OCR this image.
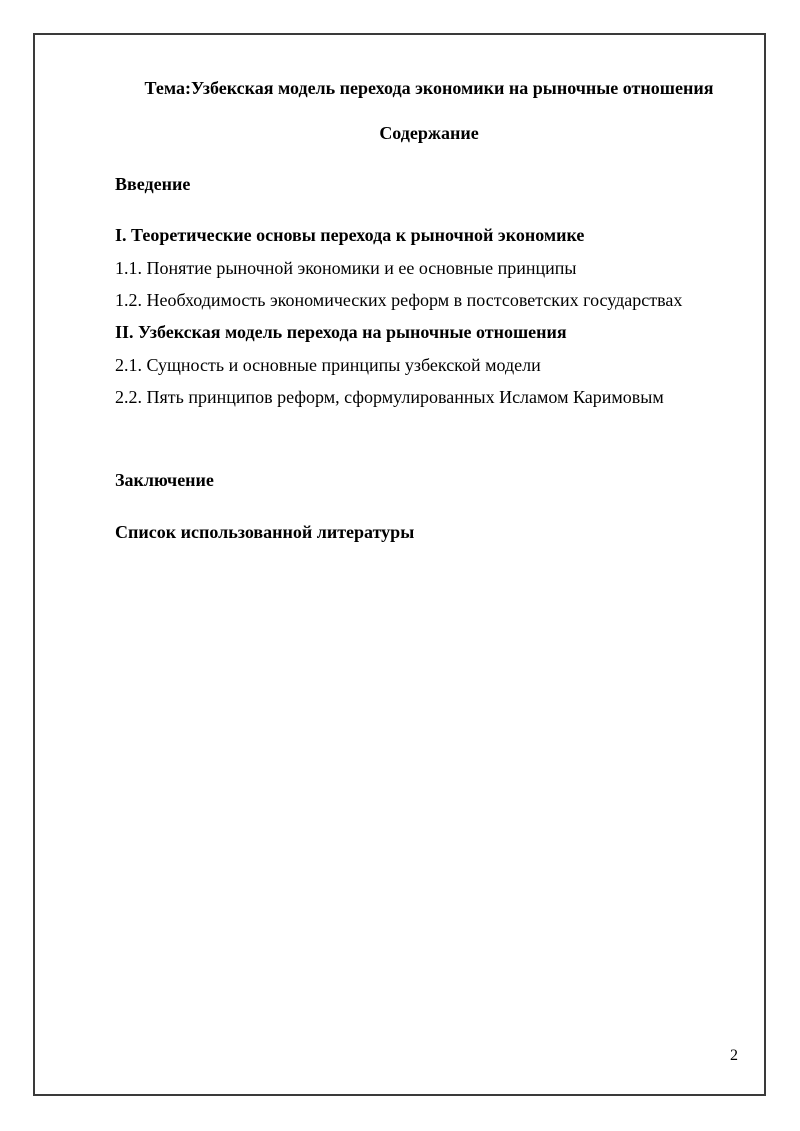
Тема:Узбекская модель перехода экономики на рыночные отношения
Содержание
Введение
I. Теоретические основы перехода к рыночной экономике
1.1. Понятие рыночной экономики и ее основные принципы
1.2. Необходимость экономических реформ в постсоветских государствах
II. Узбекская модель перехода на рыночные отношения
2.1. Сущность и основные принципы узбекской модели
2.2. Пять принципов реформ, сформулированных Исламом Каримовым
Заключение
Список использованной литературы
2
